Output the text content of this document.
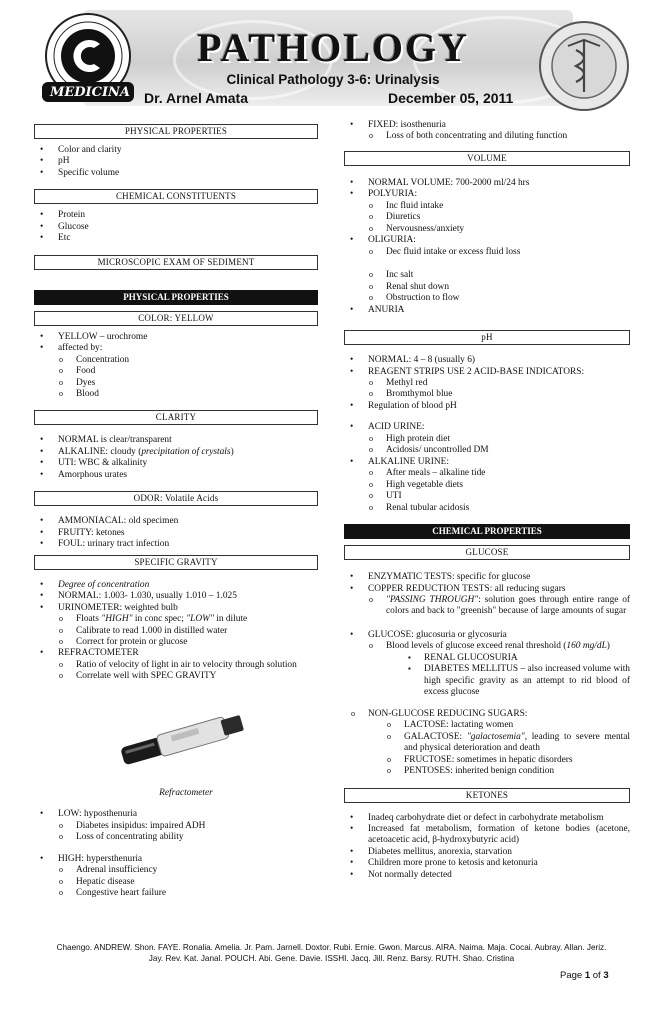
MEDICINA
PATHOLOGY
Clinical Pathology 3-6: Urinalysis
Dr. Arnel Amata	December 05, 2011
PHYSICAL PROPERTIES
• Color and clarity
• pH
• Specific volume
CHEMICAL CONSTITUENTS
• Protein
• Glucose
• Etc
MICROSCOPIC EXAM OF SEDIMENT
PHYSICAL PROPERTIES
COLOR: YELLOW
• YELLOW – urochrome
• affected by:
o Concentration
o Food
o Dyes
o Blood
CLARITY
• NORMAL is clear/transparent
• ALKALINE: cloudy (precipitation of crystals)
• UTI: WBC & alkalinity
• Amorphous urates
ODOR: Volatile Acids
• AMMONIACAL: old specimen
• FRUITY: ketones
• FOUL: urinary tract infection
SPECIFIC GRAVITY
• Degree of concentration
• NORMAL: 1.003- 1.030, usually 1.010 – 1.025
• URINOMETER: weighted bulb
o Floats "HIGH" in conc spec; "LOW" in dilute
o Calibrate to read 1.000 in distilled water
o Correct for protein or glucose
• REFRACTOMETER
o Ratio of velocity of light in air to velocity through solution
o Correlate well with SPEC GRAVITY
Refractometer
• LOW: hyposthenuria
o Diabetes insipidus: impaired ADH
o Loss of concentrating ability
• HIGH: hypersthenuria
o Adrenal insufficiency
o Hepatic disease
o Congestive heart failure
• FIXED: isosthenuria
o Loss of both concentrating and diluting function
VOLUME
• NORMAL VOLUME: 700-2000 ml/24 hrs
• POLYURIA:
o Inc fluid intake
o Diuretics
o Nervousness/anxiety
• OLIGURIA:
o Dec fluid intake or excess fluid loss
o Inc salt
o Renal shut down
o Obstruction to flow
• ANURIA
pH
• NORMAL: 4 – 8 (usually 6)
• REAGENT STRIPS USE 2 ACID-BASE INDICATORS:
o Methyl red
o Bromthymol blue
• Regulation of blood pH
• ACID URINE:
o High protein diet
o Acidosis/ uncontrolled DM
• ALKALINE URINE:
o After meals – alkaline tide
o High vegetable diets
o UTI
o Renal tubular acidosis
CHEMICAL PROPERTIES
GLUCOSE
• ENZYMATIC TESTS: specific for glucose
• COPPER REDUCTION TESTS: all reducing sugars
o "PASSING THROUGH": solution goes through entire range of colors and back to "greenish" because of large amounts of sugar
• GLUCOSE: glucosuria or glycosuria
o Blood levels of glucose exceed renal threshold (160 mg/dL)
▪ RENAL GLUCOSURIA
▪ DIABETES MELLITUS – also increased volume with high specific gravity as an attempt to rid blood of excess glucose
o NON-GLUCOSE REDUCING SUGARS:
o LACTOSE: lactating women
o GALACTOSE: "galactosemia", leading to severe mental and physical deterioration and death
o FRUCTOSE: sometimes in hepatic disorders
o PENTOSES: inherited benign condition
KETONES
• Inadeq carbohydrate diet or defect in carbohydrate metabolism
• Increased fat metabolism, formation of ketone bodies (acetone, acetoacetic acid, β-hydroxybutyric acid)
• Diabetes mellitus, anorexia, starvation
• Children more prone to ketosis and ketonuria
• Not normally detected
Chaengo. ANDREW. Shon. FAYE. Ronalia. Amelia. Jr. Pam. Jarnell. Doxtor. Rubi. Ernie. Gwon. Marcus. AIRA. Naima. Maja. Cocai. Aubray. Allan. Jeriz.
Jay. Rev. Kat. Janal. POUCH. Abi. Gene. Davie. ISSHI. Jacq. Jill. Renz. Barsy. RUTH. Shao. Cristina
Page 1 of 3
